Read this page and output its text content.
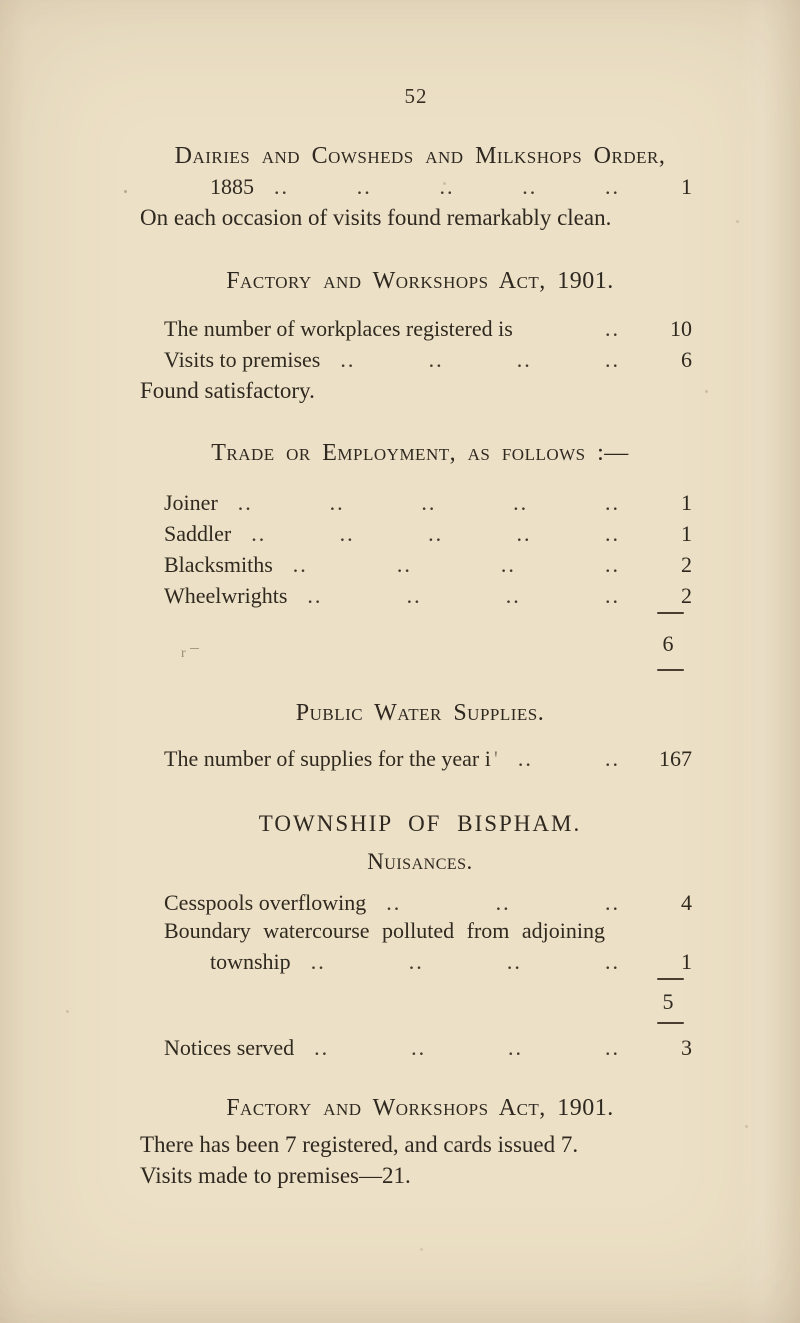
52
Dairies and Cowsheds and Milkshops Order,
1885 ..	..	..	..	..	1
On each occasion of visits found remarkably clean.
Factory and Workshops Act, 1901.
The number of workplaces registered is	..	10
Visits to premises ..	..	..	..	6
Found satisfactory.
Trade or Employment, as follows :—
Joiner ..	..	..	..	..	1
Saddler ..	..	..	..	..	1
Blacksmiths ..	..	..	..	2
Wheelwrights ..	..	..	..	2
6
r
Public Water Supplies.
The number of supplies for the year i ' ..	..	167
TOWNSHIP OF BISPHAM.
Nuisances.
Cesspools overflowing ..	..	..	4
Boundary watercourse polluted from adjoining
township ..	..	..	..	1
5
Notices served ..	..	..	..	3
Factory and Workshops Act, 1901.
There has been 7 registered, and cards issued 7.
Visits made to premises—21.
